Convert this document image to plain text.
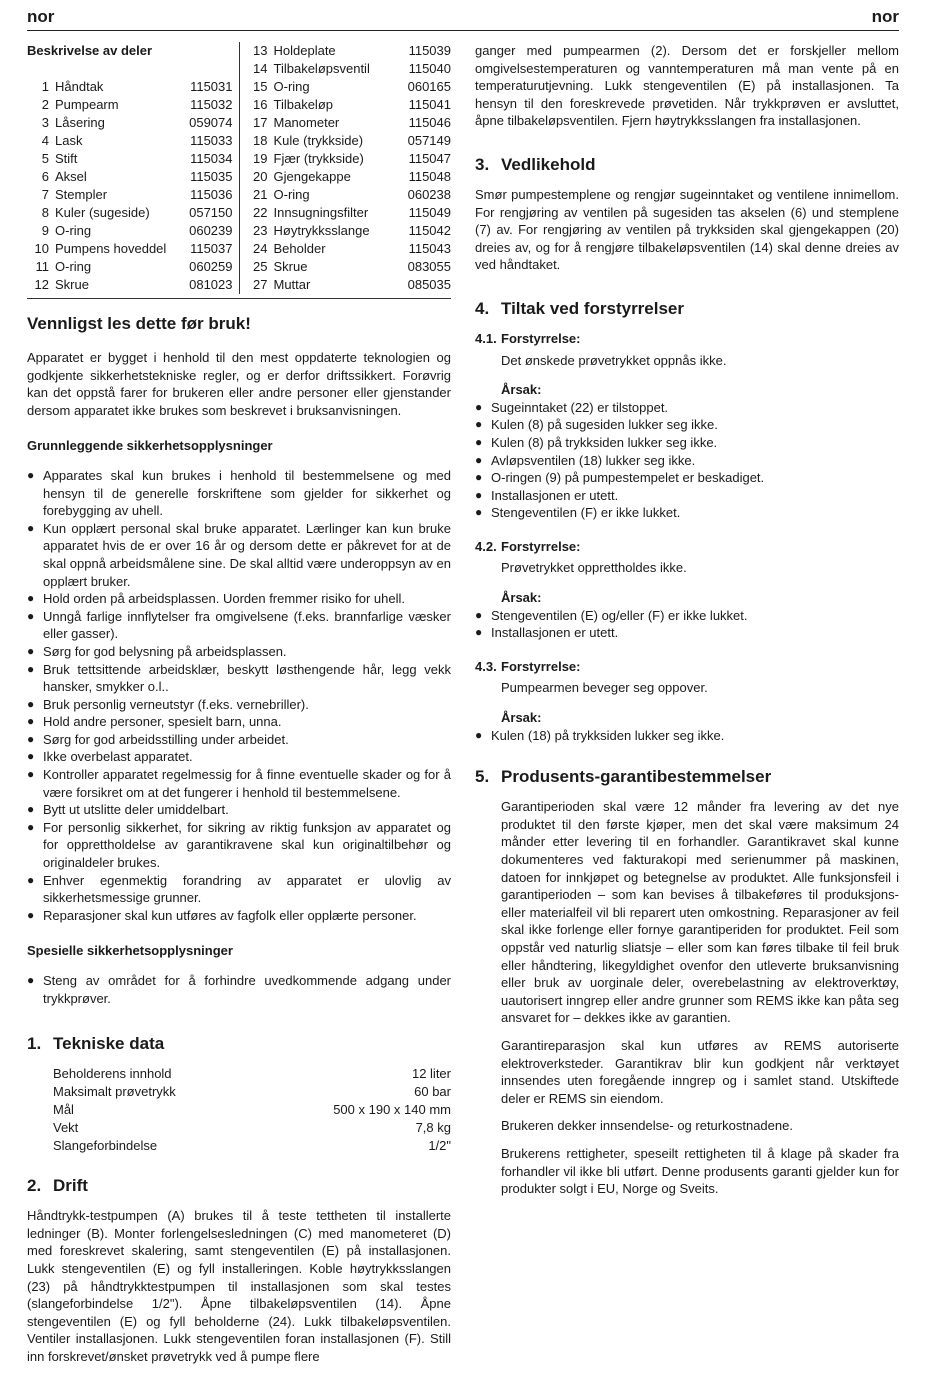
nor	nor
Beskrivelse av deler
1 Håndtak	115031
2 Pumpearm	115032
3 Låsering	059074
4 Lask	115033
5 Stift	115034
6 Aksel	115035
7 Stempler	115036
8 Kuler (sugeside)	057150
9 O-ring	060239
10 Pumpens hoveddel	115037
11 O-ring	060259
12 Skrue	081023
13 Holdeplate	115039
14 Tilbakeløpsventil	115040
15 O-ring	060165
16 Tilbakeløp	115041
17 Manometer	115046
18 Kule (trykkside)	057149
19 Fjær (trykkside)	115047
20 Gjengekappe	115048
21 O-ring	060238
22 Innsugningsfilter	115049
23 Høytrykksslange	115042
24 Beholder	115043
25 Skrue	083055
27 Muttar	085035
Vennligst les dette før bruk!

Apparatet er bygget i henhold til den mest oppdaterte teknologien og godkjente sikkerhetstekniske regler, og er derfor driftssikkert. Forøvrig kan det oppstå farer for brukeren eller andre personer eller gjenstander dersom apparatet ikke brukes som beskrevet i bruksanvisningen.

Grunnleggende sikkerhetsopplysninger
● Apparates skal kun brukes i henhold til bestemmelsene og med hensyn til de generelle forskriftene som gjelder for sikkerhet og forebygging av uhell.
● Kun opplært personal skal bruke apparatet. Lærlinger kan kun bruke apparatet hvis de er over 16 år og dersom dette er påkrevet for at de skal oppnå arbeidsmålene sine. De skal alltid være underoppsyn av en opplært bruker.
● Hold orden på arbeidsplassen. Uorden fremmer risiko for uhell.
● Unngå farlige innflytelser fra omgivelsene (f.eks. brannfarlige væsker eller gasser).
● Sørg for god belysning på arbeidsplassen.
● Bruk tettsittende arbeidsklær, beskytt løsthengende hår, legg vekk hansker, smykker o.l..
● Bruk personlig verneutstyr (f.eks. vernebriller).
● Hold andre personer, spesielt barn, unna.
● Sørg for god arbeidsstilling under arbeidet.
● Ikke overbelast apparatet.
● Kontroller apparatet regelmessig for å finne eventuelle skader og for å være forsikret om at det fungerer i henhold til bestemmelsene.
● Bytt ut utslitte deler umiddelbart.
● For personlig sikkerhet, for sikring av riktig funksjon av apparatet og for opprettholdelse av garantikravene skal kun originaltilbehør og originaldeler brukes.
● Enhver egenmektig forandring av apparatet er ulovlig av sikkerhetsmessige grunner.
● Reparasjoner skal kun utføres av fagfolk eller opplærte personer.
Spesielle sikkerhetsopplysninger
● Steng av området for å forhindre uvedkommende adgang under trykkprøver.
1. Tekniske data
Beholderens innhold	12 liter
Maksimalt prøvetrykk	60 bar
Mål	500 x 190 x 140 mm
Vekt	7,8 kg
Slangeforbindelse	1/2"
2. Drift

Håndtrykk-testpumpen (A) brukes til å teste tettheten til installerte ledninger (B). Monter forlengelsesledningen (C) med manometeret (D) med foreskrevet skalering, samt stengeventilen (E) på installasjonen. Lukk stengeventilen (E) og fyll installeringen. Koble høytrykksslangen (23) på håndtrykktestpumpen til installasjonen som skal testes (slangeforbindelse 1/2"). Åpne tilbakeløpsventilen (14). Åpne stengeventilen (E) og fyll beholderne (24). Lukk tilbakeløpsventilen. Ventiler installasjonen. Lukk stengeventilen foran installasjonen (F). Still inn forskrevet/ønsket prøvetrykk ved å pumpe flere

ganger med pumpearmen (2). Dersom det er forskjeller mellom omgivelsestemperaturen og vanntemperaturen må man vente på en temperaturutjevning. Lukk stengeventilen (E) på installasjonen. Ta hensyn til den foreskrevede prøvetiden. Når trykkprøven er avsluttet, åpne tilbakeløpsventilen. Fjern høytrykksslangen fra installasjonen.

3. Vedlikehold

Smør pumpestemplene og rengjør sugeinntaket og ventilene innimellom. For rengjøring av ventilen på sugesiden tas akselen (6) und stemplene (7) av. For rengjøring av ventilen på trykksiden skal gjengekappen (20) dreies av, og for å rengjøre tilbakeløpsventilen (14) skal denne dreies av ved håndtaket.

4. Tiltak ved forstyrrelser
4.1. Forstyrrelse:
Det ønskede prøvetrykket oppnås ikke.
Årsak:
● Sugeinntaket (22) er tilstoppet.
● Kulen (8) på sugesiden lukker seg ikke.
● Kulen (8) på trykksiden lukker seg ikke.
● Avløpsventilen (18) lukker seg ikke.
● O-ringen (9) på pumpestempelet er beskadiget.
● Installasjonen er utett.
● Stengeventilen (F) er ikke lukket.
4.2. Forstyrrelse:
Prøvetrykket opprettholdes ikke.
Årsak:
● Stengeventilen (E) og/eller (F) er ikke lukket.
● Installasjonen er utett.
4.3. Forstyrrelse:
Pumpearmen beveger seg oppover.
Årsak:
● Kulen (18) på trykksiden lukker seg ikke.
5. Produsents-garantibestemmelser

Garantiperioden skal være 12 månder fra levering av det nye produktet til den første kjøper, men det skal være maksimum 24 månder etter levering til en forhandler. Garantikravet skal kunne dokumenteres ved fakturakopi med serienummer på maskinen, datoen for innkjøpet og betegnelse av produktet. Alle funksjonsfeil i garantiperioden – som kan bevises å tilbakeføres til produksjons- eller materialfeil vil bli reparert uten omkostning. Reparasjoner av feil skal ikke forlenge eller fornye garantiperiden for produktet. Feil som oppstår ved naturlig sliatsje – eller som kan føres tilbake til feil bruk eller håndtering, likegyldighet ovenfor den utleverte bruksanvisning eller bruk av uorginale deler, overebelastning av elektroverktøy, uautorisert inngrep eller andre grunner som REMS ikke kan påta seg ansvaret for – dekkes ikke av garantien.

Garantireparasjon skal kun utføres av REMS autoriserte elektroverksteder. Garantikrav blir kun godkjent når verktøyet innsendes uten foregående inngrep og i samlet stand. Utskiftede deler er REMS sin eiendom.

Brukeren dekker innsendelse- og returkostnadene.

Brukerens rettigheter, speseilt rettigheten til å klage på skader fra forhandler vil ikke bli utført. Denne produsents garanti gjelder kun for produkter solgt i EU, Norge og Sveits.
